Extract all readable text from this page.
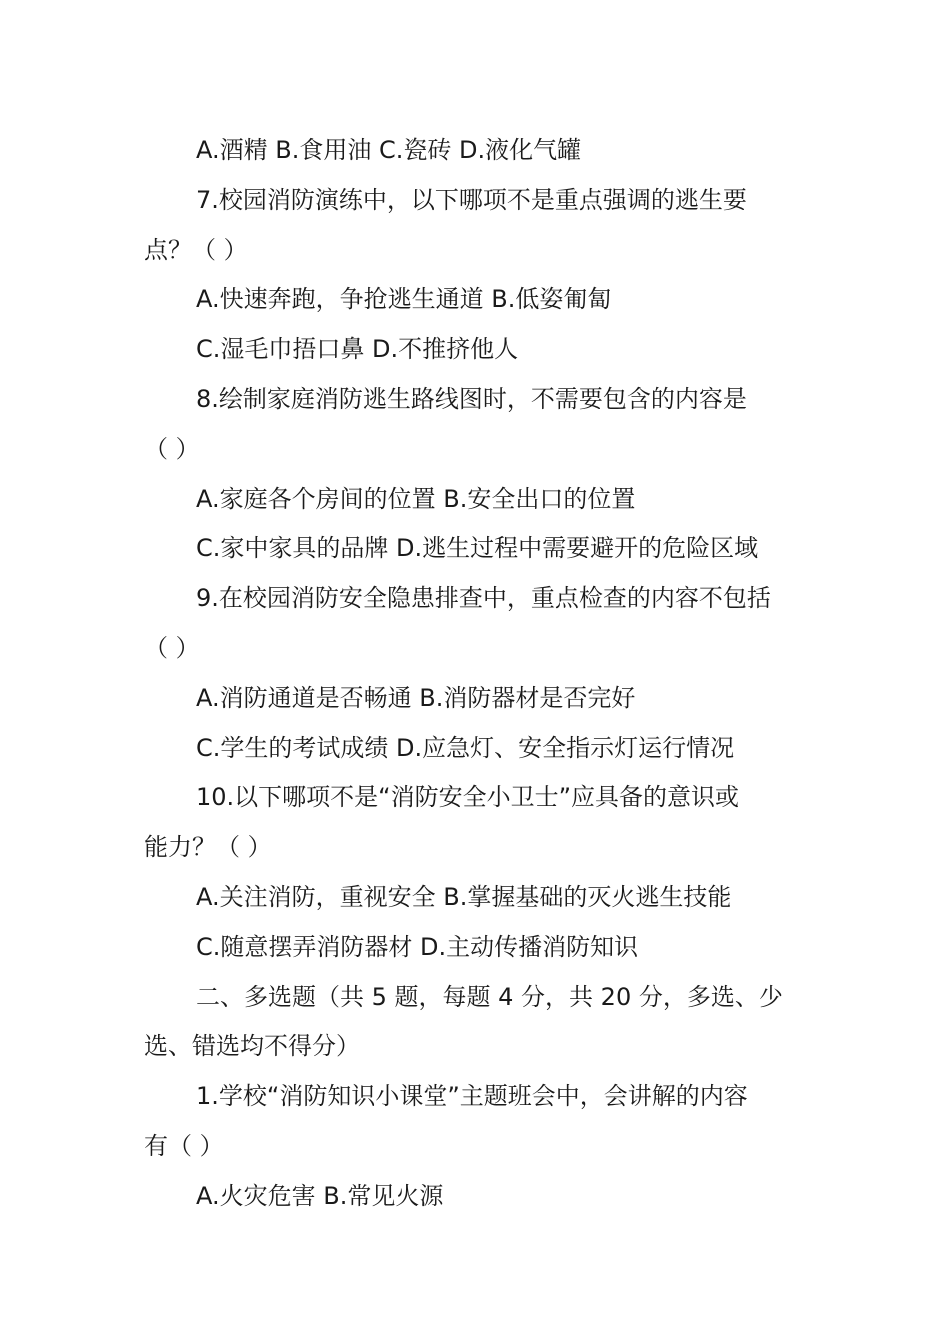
A.酒精 B.食用油 C.瓷砖 D.液化气罐
7.校园消防演练中，以下哪项不是重点强调的逃生要
点？（ ）
A.快速奔跑，争抢逃生通道 B.低姿匍匐
C.湿毛巾捂口鼻 D.不推挤他人
8.绘制家庭消防逃生路线图时，不需要包含的内容是
（ ）
A.家庭各个房间的位置 B.安全出口的位置
C.家中家具的品牌 D.逃生过程中需要避开的危险区域
9.在校园消防安全隐患排查中，重点检查的内容不包括
（ ）
A.消防通道是否畅通 B.消防器材是否完好
C.学生的考试成绩 D.应急灯、安全指示灯运行情况
10.以下哪项不是“消防安全小卫士”应具备的意识或
能力？（ ）
A.关注消防，重视安全 B.掌握基础的灭火逃生技能
C.随意摆弄消防器材 D.主动传播消防知识
二、多选题（共 5 题，每题 4 分，共 20 分，多选、少
选、错选均不得分）
1.学校“消防知识小课堂”主题班会中，会讲解的内容
有（ ）
A.火灾危害 B.常见火源
